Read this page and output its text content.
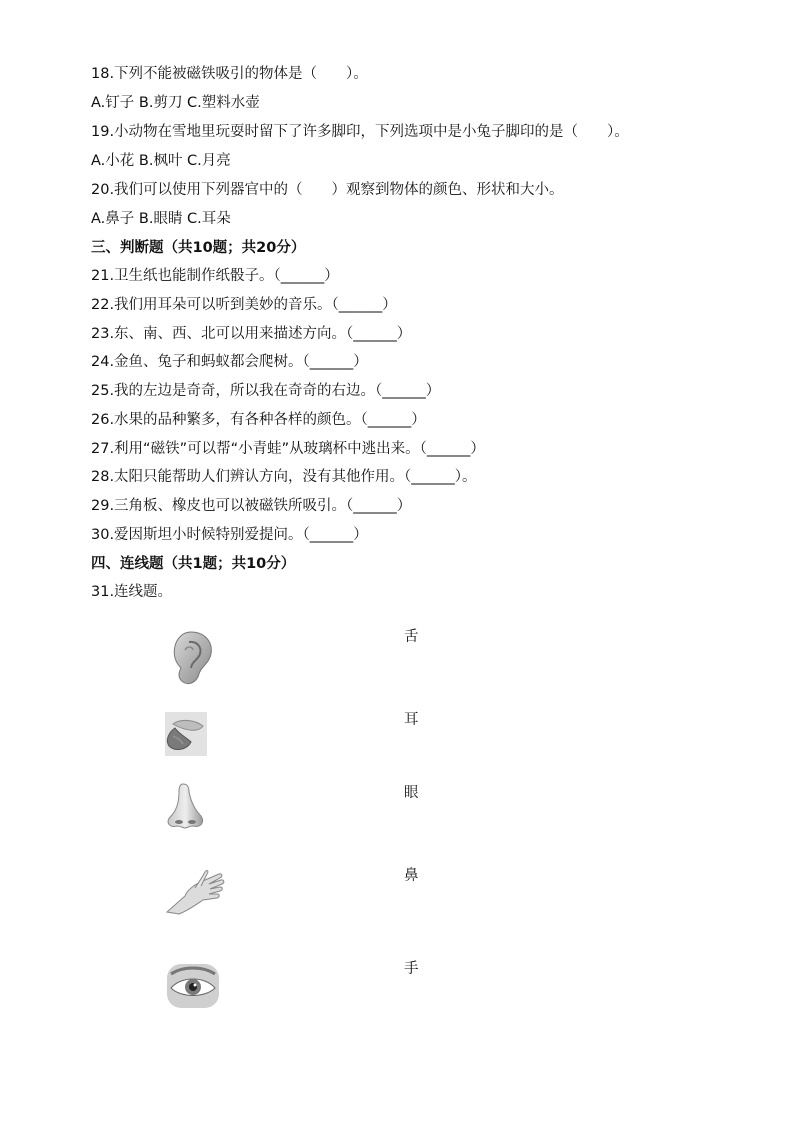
18.下列不能被磁铁吸引的物体是（　　）。
A.钉子 B.剪刀 C.塑料水壶
19.小动物在雪地里玩耍时留下了许多脚印，下列选项中是小兔子脚印的是（　　）。
A.小花 B.枫叶 C.月亮
20.我们可以使用下列器官中的（　　）观察到物体的颜色、形状和大小。
A.鼻子 B.眼睛 C.耳朵
三、判断题（共10题；共20分）
21.卫生纸也能制作纸骰子。（______）
22.我们用耳朵可以听到美妙的音乐。（______）
23.东、南、西、北可以用来描述方向。（______）
24.金鱼、兔子和蚂蚁都会爬树。（______）
25.我的左边是奇奇，所以我在奇奇的右边。（______）
26.水果的品种繁多，有各种各样的颜色。（______）
27.利用“磁铁”可以帮“小青蛙”从玻璃杯中逃出来。（______）
28.太阳只能帮助人们辨认方向，没有其他作用。（______）。
29.三角板、橡皮也可以被磁铁所吸引。（______）
30.爱因斯坦小时候特别爱提问。（______）
四、连线题（共1题；共10分）
31.连线题。
舌
耳
眼
鼻
手
